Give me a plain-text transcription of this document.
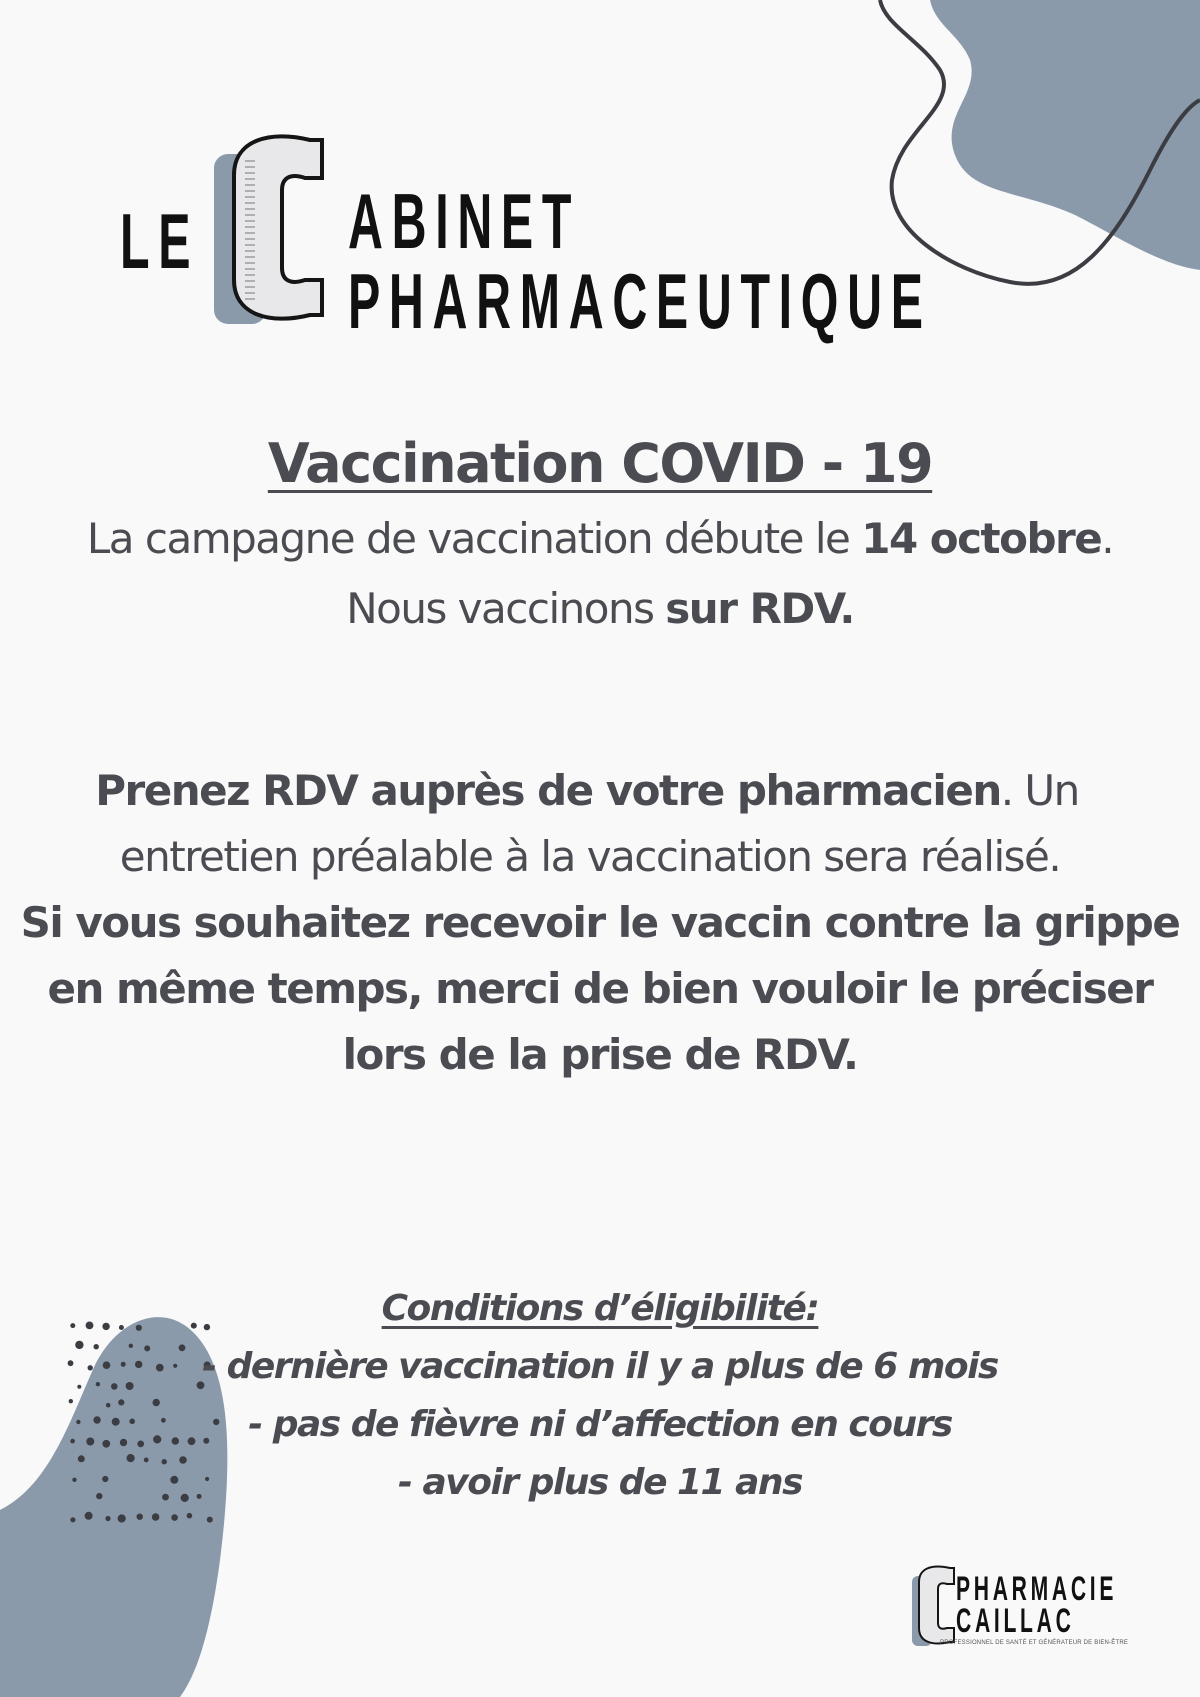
LE ABINET
PHARMACEUTIQUE
Vaccination COVID - 19
La campagne de vaccination débute le 14 octobre.
Nous vaccinons sur RDV.
Prenez RDV auprès de votre pharmacien. Un
entretien préalable à la vaccination sera réalisé.
Si vous souhaitez recevoir le vaccin contre la grippe
en même temps, merci de bien vouloir le préciser
lors de la prise de RDV.
Conditions d’éligibilité:
- dernière vaccination il y a plus de 6 mois
- pas de fièvre ni d’affection en cours
- avoir plus de 11 ans
PHARMACIE
CAILLAC
PROFESSIONNEL DE SANTÉ ET GÉNÉRATEUR DE BIEN-ÊTRE
